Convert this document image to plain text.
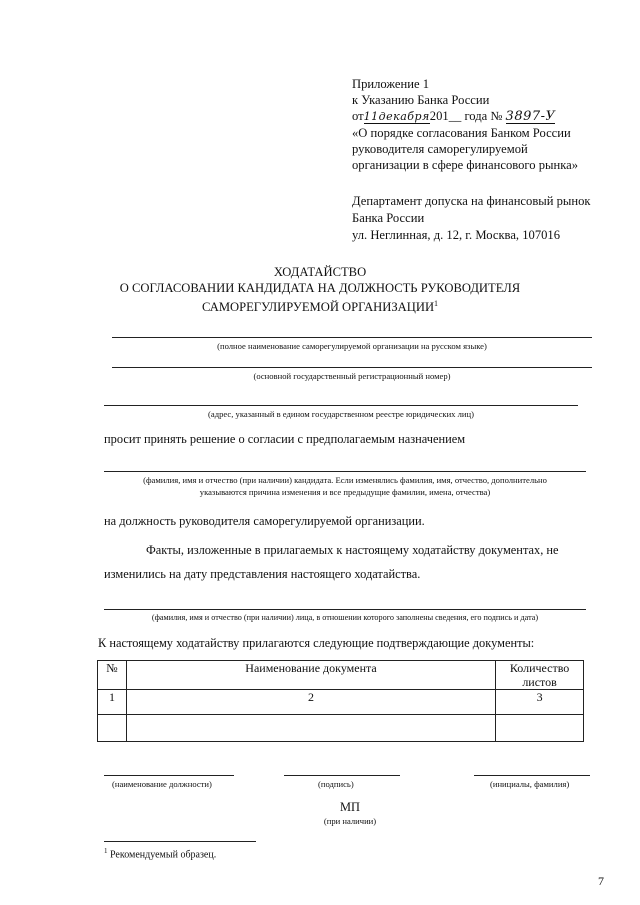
Приложение 1
к Указанию Банка России
от11декабря201__ года № 3897-У
«О порядке согласования Банком России
руководителя саморегулируемой
организации в сфере финансового рынка»
Департамент допуска на финансовый рынок
Банка России
ул. Неглинная, д. 12, г. Москва, 107016
ХОДАТАЙСТВО
О СОГЛАСОВАНИИ КАНДИДАТА НА ДОЛЖНОСТЬ РУКОВОДИТЕЛЯ
САМОРЕГУЛИРУЕМОЙ ОРГАНИЗАЦИИ$^1$
(полное наименование саморегулируемой организации на русском языке)
(основной государственный регистрационный номер)
(адрес, указанный в едином государственном реестре юридических лиц)
просит принять решение о согласии с предполагаемым назначением
(фамилия, имя и отчество (при наличии) кандидата. Если изменялись фамилия, имя, отчество, дополнительно
указываются причина изменения и все предыдущие фамилии, имена, отчества)
на должность руководителя саморегулируемой организации.
Факты, изложенные в прилагаемых к настоящему ходатайству документах, не
изменились на дату представления настоящего ходатайства.
(фамилия, имя и отчество (при наличии) лица, в отношении которого заполнены сведения, его подпись и дата)
К настоящему ходатайству прилагаются следующие подтверждающие документы:
№	Наименование документа	Количество листов
1	2	3

(наименование должности)	(подпись)	(инициалы, фамилия)
МП
(при наличии)
$^1$ Рекомендуемый образец.
7
